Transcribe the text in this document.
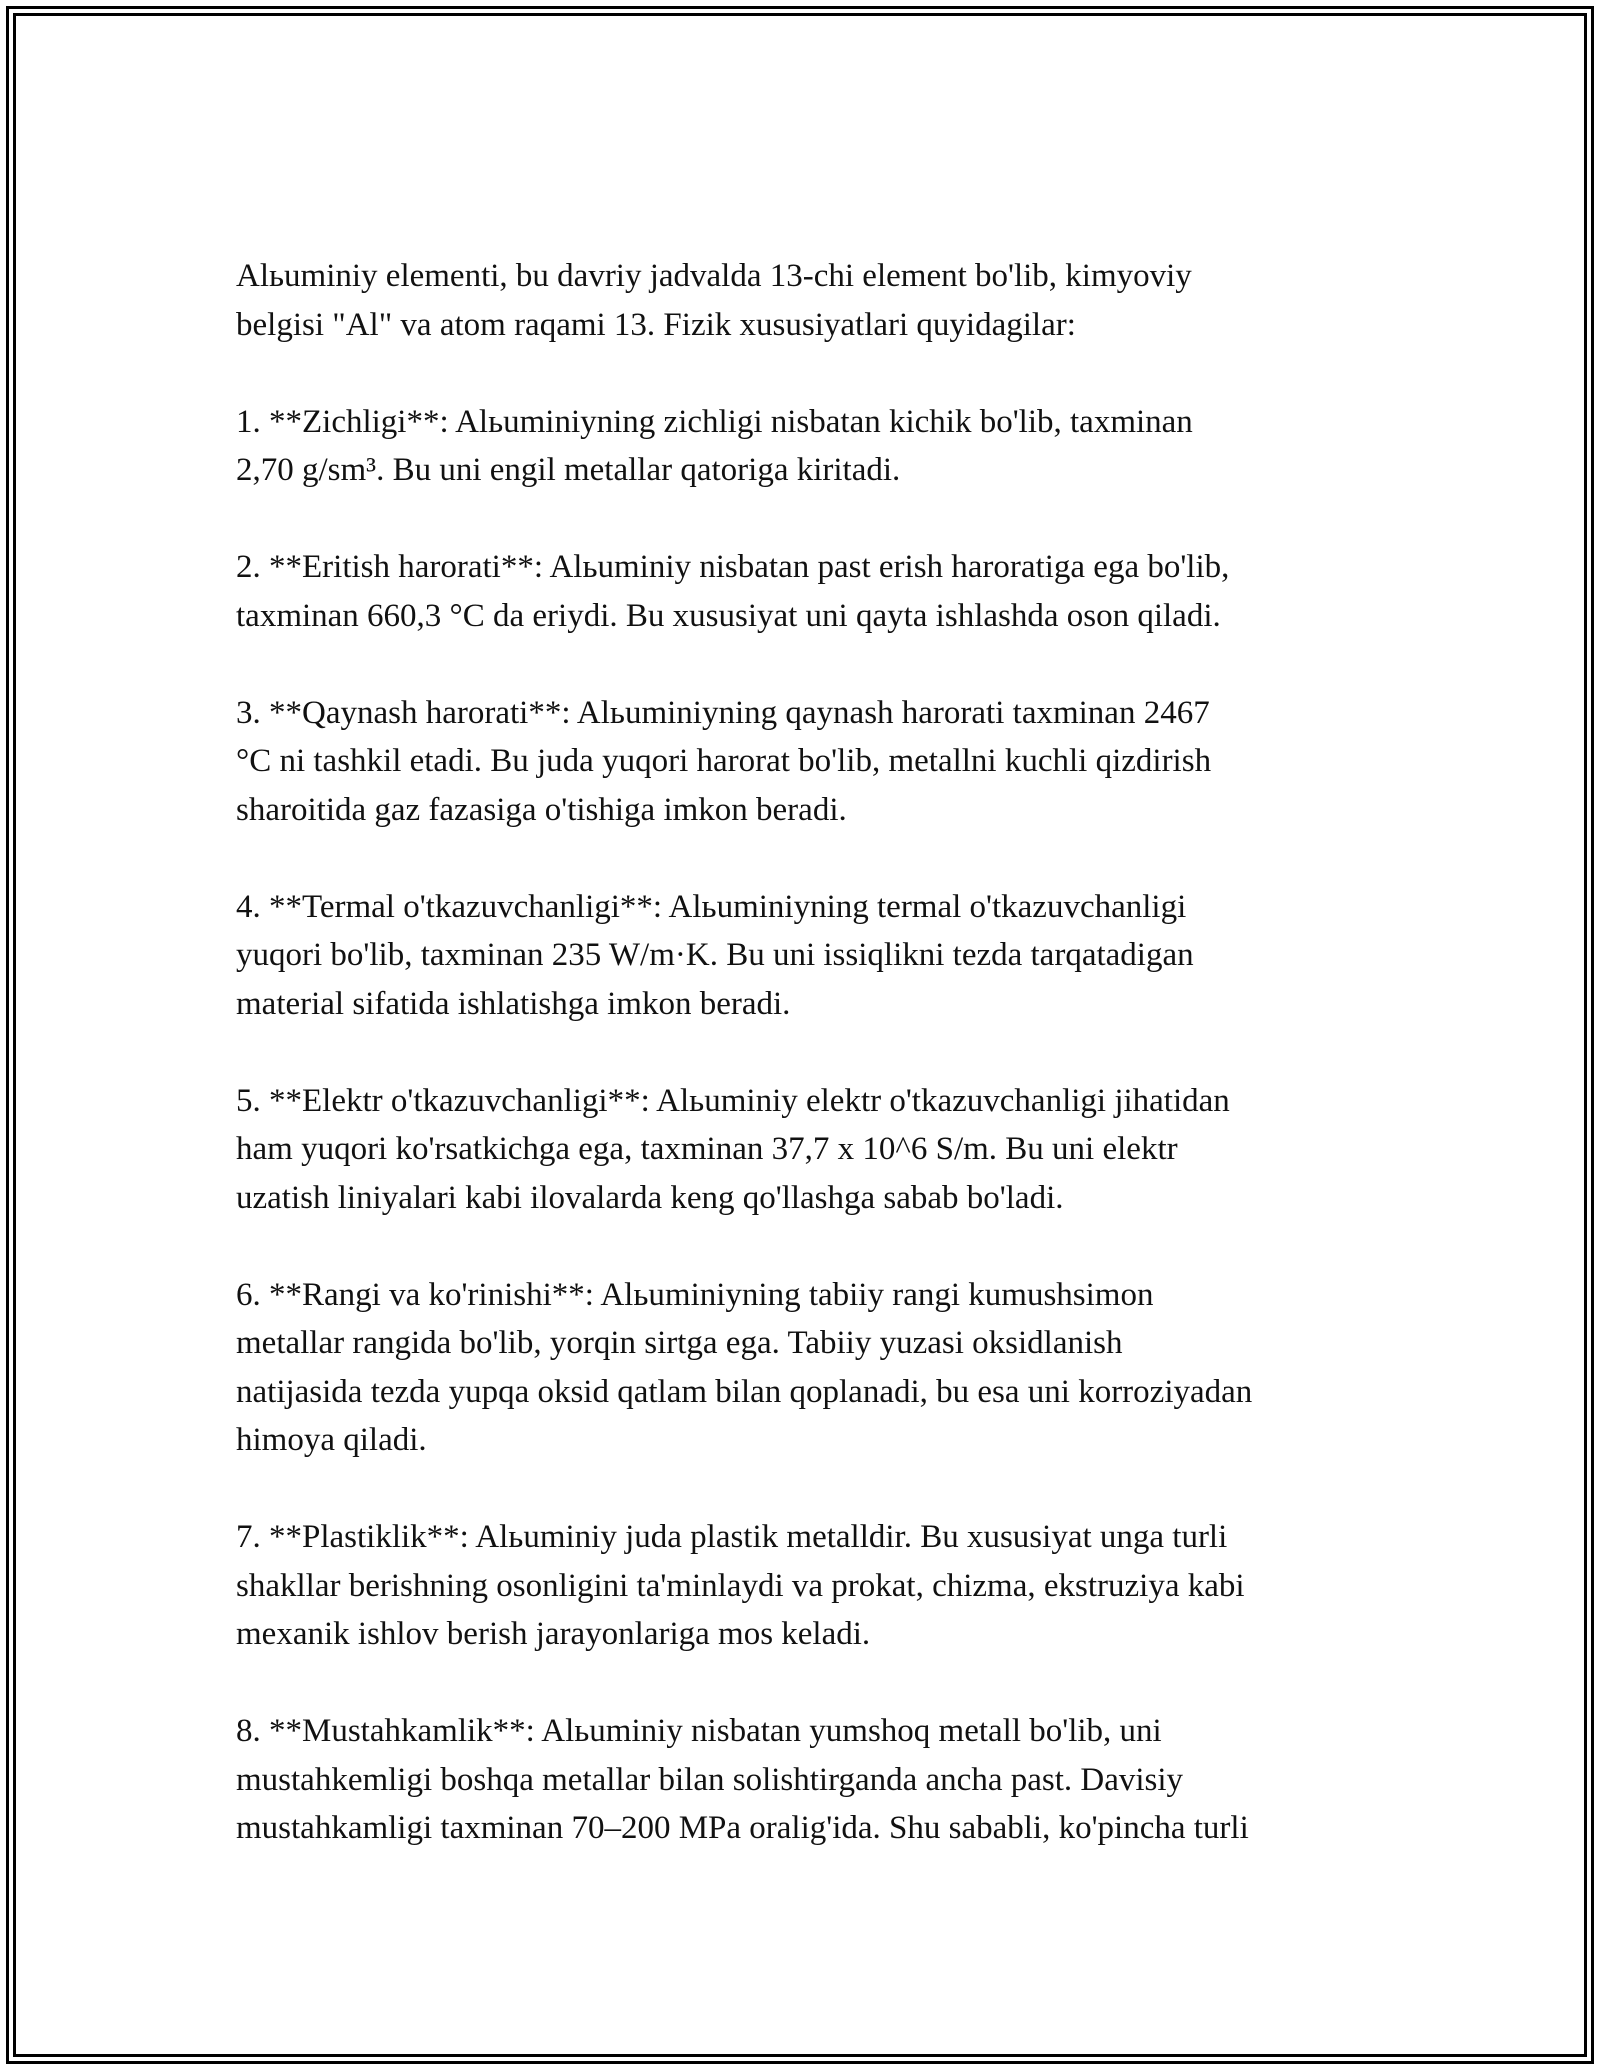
Alьuminiy elementi, bu davriy jadvalda 13-chi element bo'lib, kimyoviy
belgisi "Al" va atom raqami 13. Fizik xususiyatlari quyidagilar:

1. **Zichligi**: Alьuminiyning zichligi nisbatan kichik bo'lib, taxminan
2,70 g/sm³. Bu uni engil metallar qatoriga kiritadi.

2. **Eritish harorati**: Alьuminiy nisbatan past erish haroratiga ega bo'lib,
taxminan 660,3 °C da eriydi. Bu xususiyat uni qayta ishlashda oson qiladi.

3. **Qaynash harorati**: Alьuminiyning qaynash harorati taxminan 2467
°C ni tashkil etadi. Bu juda yuqori harorat bo'lib, metallni kuchli qizdirish
sharoitida gaz fazasiga o'tishiga imkon beradi.

4. **Termal o'tkazuvchanligi**: Alьuminiyning termal o'tkazuvchanligi
yuqori bo'lib, taxminan 235 W/m·K. Bu uni issiqlikni tezda tarqatadigan
material sifatida ishlatishga imkon beradi.

5. **Elektr o'tkazuvchanligi**: Alьuminiy elektr o'tkazuvchanligi jihatidan
ham yuqori ko'rsatkichga ega, taxminan 37,7 x 10^6 S/m. Bu uni elektr
uzatish liniyalari kabi ilovalarda keng qo'llashga sabab bo'ladi.

6. **Rangi va ko'rinishi**: Alьuminiyning tabiiy rangi kumushsimon
metallar rangida bo'lib, yorqin sirtga ega. Tabiiy yuzasi oksidlanish
natijasida tezda yupqa oksid qatlam bilan qoplanadi, bu esa uni korroziyadan
himoya qiladi.

7. **Plastiklik**: Alьuminiy juda plastik metalldir. Bu xususiyat unga turli
shakllar berishning osonligini ta'minlaydi va prokat, chizma, ekstruziya kabi
mexanik ishlov berish jarayonlariga mos keladi.

8. **Mustahkamlik**: Alьuminiy nisbatan yumshoq metall bo'lib, uni
mustahkemligi boshqa metallar bilan solishtirganda ancha past. Davisiy
mustahkamligi taxminan 70–200 MPa oralig'ida. Shu sababli, ko'pincha turli
